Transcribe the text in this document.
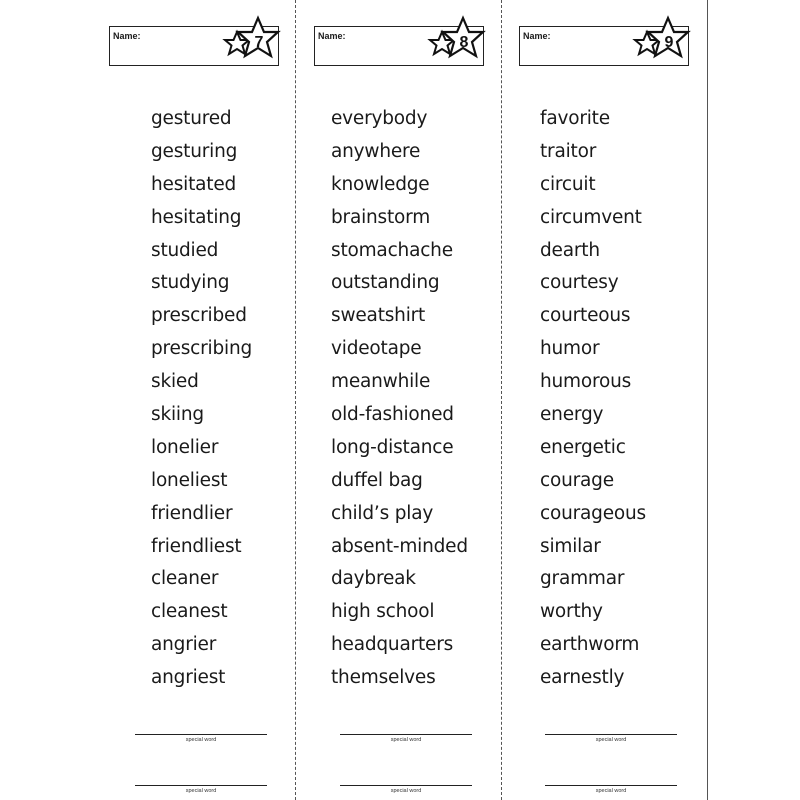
Name:	7
gestured
gesturing
hesitated
hesitating
studied
studying
prescribed
prescribing
skied
skiing
lonelier
loneliest
friendlier
friendliest
cleaner
cleanest
angrier
angriest
special word
special word
Name:	8
everybody
anywhere
knowledge
brainstorm
stomachache
outstanding
sweatshirt
videotape
meanwhile
old-fashioned
long-distance
duffel bag
child’s play
absent-minded
daybreak
high school
headquarters
themselves
special word
special word
Name:	9
favorite
traitor
circuit
circumvent
dearth
courtesy
courteous
humor
humorous
energy
energetic
courage
courageous
similar
grammar
worthy
earthworm
earnestly
special word
special word
